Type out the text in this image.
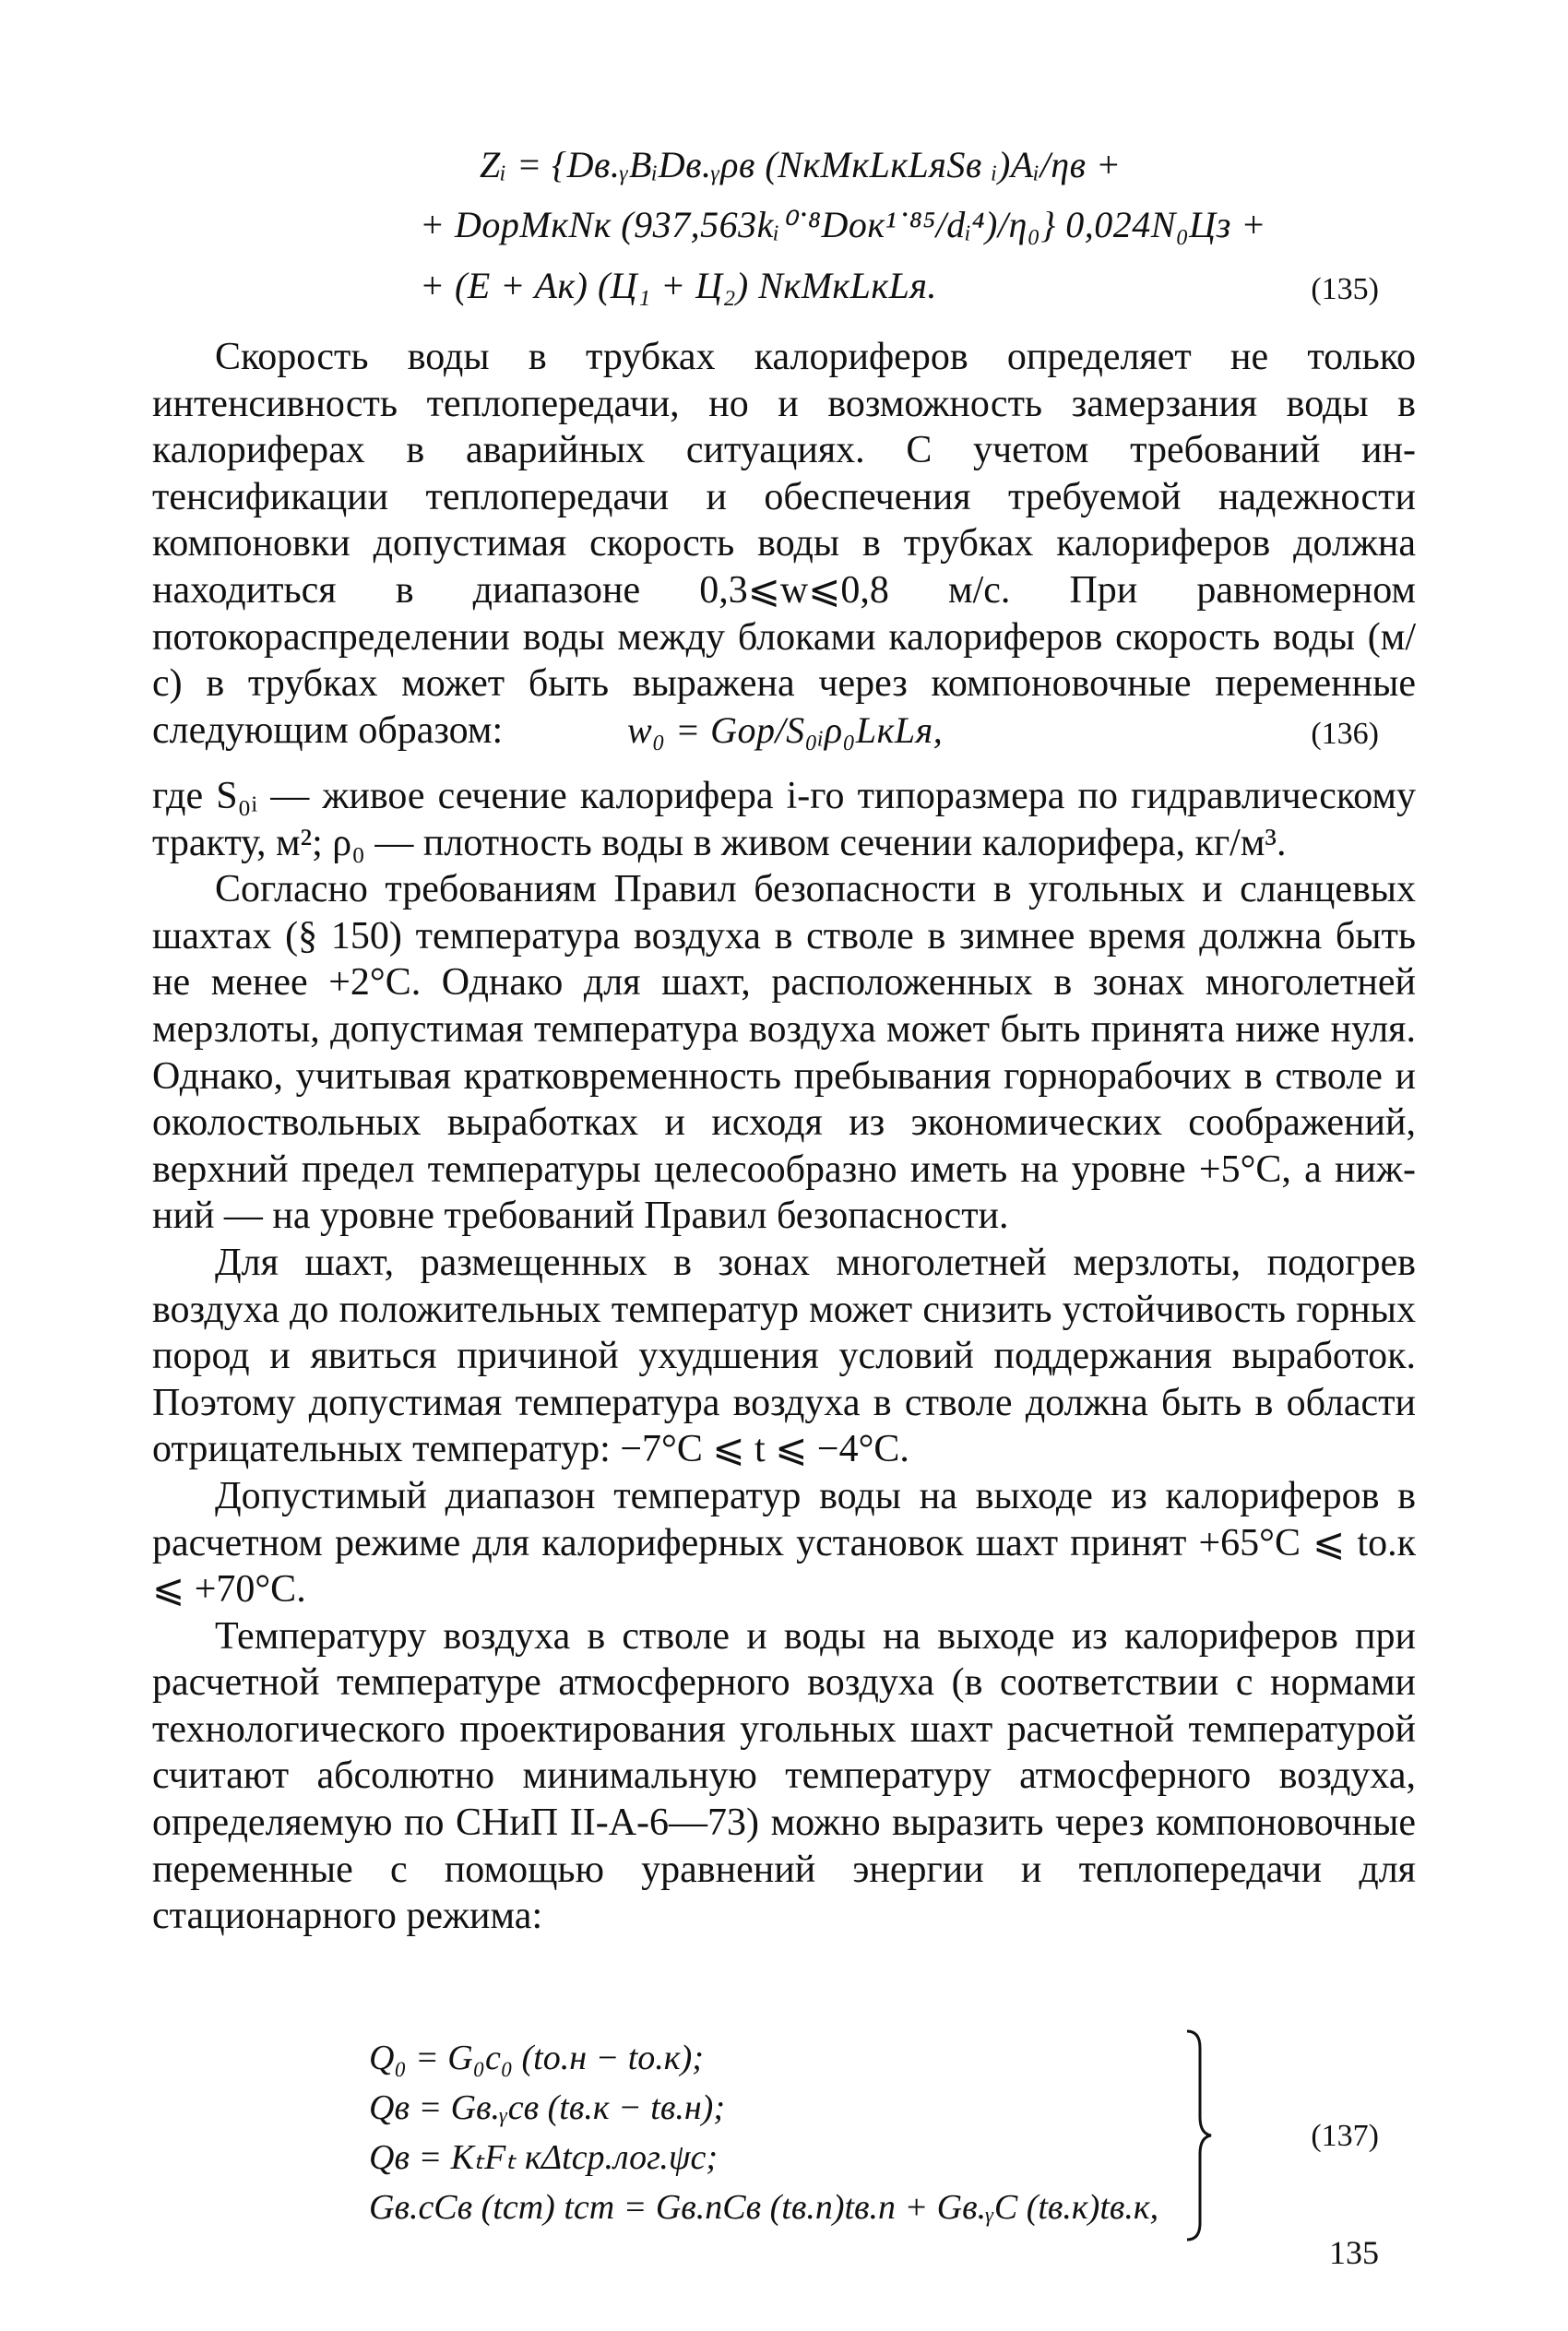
Zᵢ = {Dв.ᵧBᵢDв.ᵧρв (NкMкLкLяSв ᵢ)Aᵢ/ηв +
+ DорMкNк (937,563kᵢ⁰˙⁸Dок¹˙⁸⁵/dᵢ⁴)/η₀} 0,024N₀Цз +
+ (E + Aк) (Ц₁ + Ц₂) NкMкLкLя.	(135)

Скорость воды в трубках калориферов определяет не только интенсивность теплопередачи, но и возможность замерзания воды в калориферах в аварийных ситуациях. С учетом требований интенсификации теплопередачи и обеспечения требуемой надежности компоновки допустимая скорость воды в трубках калориферов должна находиться в диапазоне 0,3⩽w⩽0,8 м/с. При равномерном потокораспределении воды между блоками калориферов скорость воды (м/с) в трубках может быть выражена через компоновочные переменные следующим образом:	w₀ = Gор/S₀ᵢρ₀LкLя,	(136)

где S₀ᵢ — живое сечение калорифера i-го типоразмера по гидравлическому тракту, м²; ρ₀ — плотность воды в живом сечении калорифера, кг/м³.

Согласно требованиям Правил безопасности в угольных и сланцевых шахтах (§ 150) температура воздуха в стволе в зимнее время должна быть не менее +2°C. Однако для шахт, расположенных в зонах многолетней мерзлоты, допустимая температура воздуха может быть принята ниже нуля. Однако, учитывая кратковременность пребывания горнорабочих в стволе и околоствольных выработках и исходя из экономических соображений, верхний предел температуры целесообразно иметь на уровне +5°C, а нижний — на уровне требований Правил безопасности.

Для шахт, размещенных в зонах многолетней мерзлоты, подогрев воздуха до положительных температур может снизить устойчивость горных пород и явиться причиной ухудшения условий поддержания выработок. Поэтому допустимая температура воздуха в стволе должна быть в области отрицательных температур: −7°C ⩽ t ⩽ −4°C.

Допустимый диапазон температур воды на выходе из калориферов в расчетном режиме для калориферных установок шахт принят +65°C ⩽ tо.к ⩽ +70°C.

Температуру воздуха в стволе и воды на выходе из калориферов при расчетной температуре атмосферного воздуха (в соответствии с нормами технологического проектирования угольных шахт расчетной температурой считают абсолютно минимальную температуру атмосферного воздуха, определяемую по СНиП II-A-6—73) можно выразить через компоновочные переменные с помощью уравнений энергии и теплопередачи для стационарного режима:

Q₀ = G₀c₀ (tо.н − tо.к);
Qв = Gв.ᵧcв (tв.к − tв.н);
Qв = KₜFₜ кΔtср.лог.ψc;
Gв.сCв (tст) tст = Gв.пCв (tв.п)tв.п + Gв.ᵧC (tв.к)tв.к,
(137)
135
